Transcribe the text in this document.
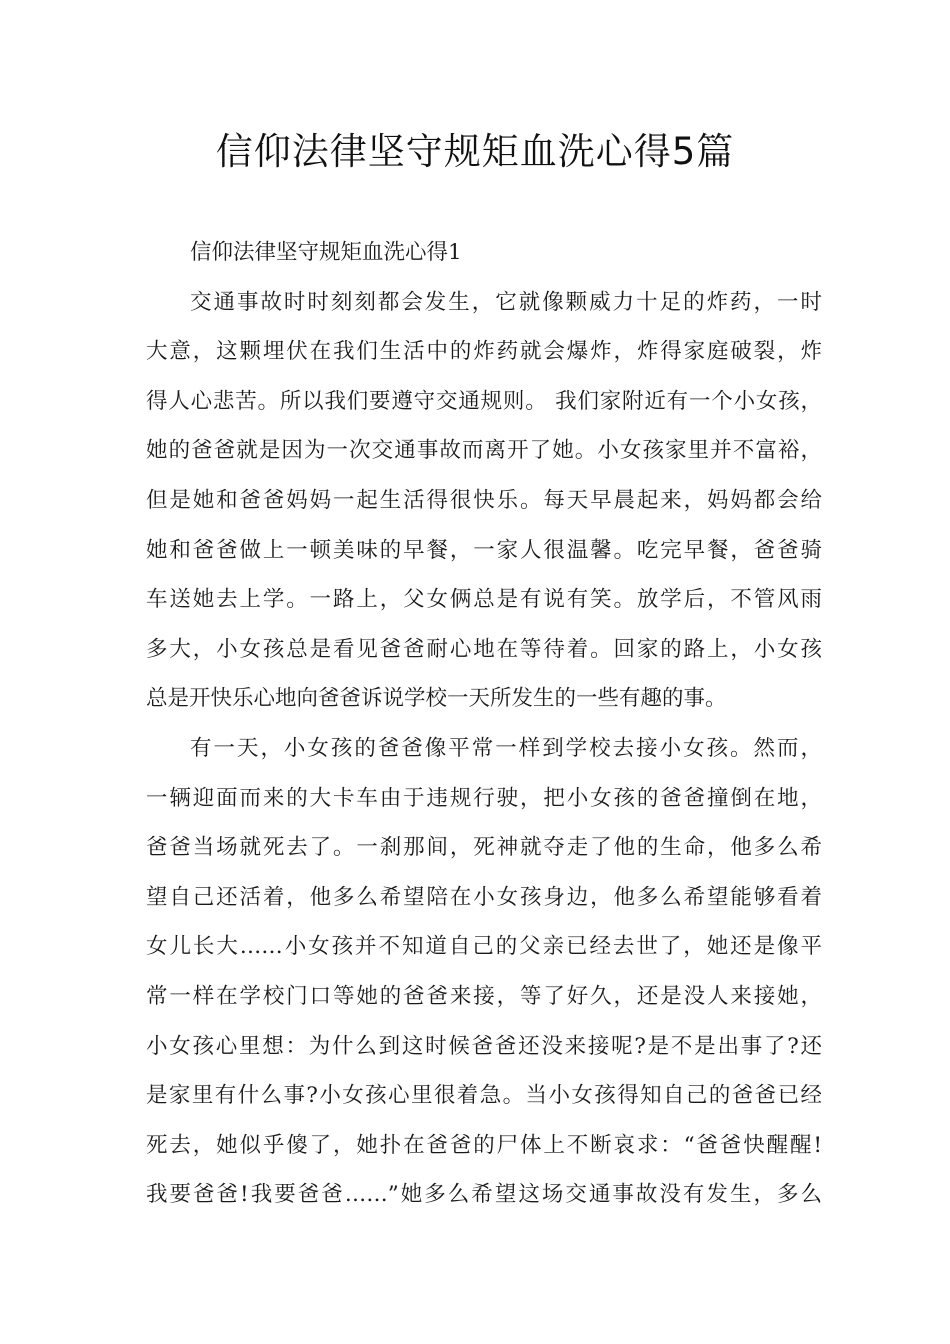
信仰法律坚守规矩血洗心得5篇
信仰法律坚守规矩血洗心得1
交通事故时时刻刻都会发生，它就像颗威力十足的炸药，一时
大意，这颗埋伏在我们生活中的炸药就会爆炸，炸得家庭破裂，炸
得人心悲苦。所以我们要遵守交通规则。 我们家附近有一个小女孩，
她的爸爸就是因为一次交通事故而离开了她。小女孩家里并不富裕，
但是她和爸爸妈妈一起生活得很快乐。每天早晨起来，妈妈都会给
她和爸爸做上一顿美味的早餐，一家人很温馨。吃完早餐，爸爸骑
车送她去上学。一路上，父女俩总是有说有笑。放学后，不管风雨
多大，小女孩总是看见爸爸耐心地在等待着。回家的路上，小女孩
总是开快乐心地向爸爸诉说学校一天所发生的一些有趣的事。
有一天，小女孩的爸爸像平常一样到学校去接小女孩。然而，
一辆迎面而来的大卡车由于违规行驶，把小女孩的爸爸撞倒在地，
爸爸当场就死去了。一刹那间，死神就夺走了他的生命，他多么希
望自己还活着，他多么希望陪在小女孩身边，他多么希望能够看着
女儿长大……小女孩并不知道自己的父亲已经去世了，她还是像平
常一样在学校门口等她的爸爸来接，等了好久，还是没人来接她，
小女孩心里想：为什么到这时候爸爸还没来接呢?是不是出事了?还
是家里有什么事?小女孩心里很着急。当小女孩得知自己的爸爸已经
死去，她似乎傻了，她扑在爸爸的尸体上不断哀求：“爸爸快醒醒!
我要爸爸!我要爸爸……”她多么希望这场交通事故没有发生，多么
